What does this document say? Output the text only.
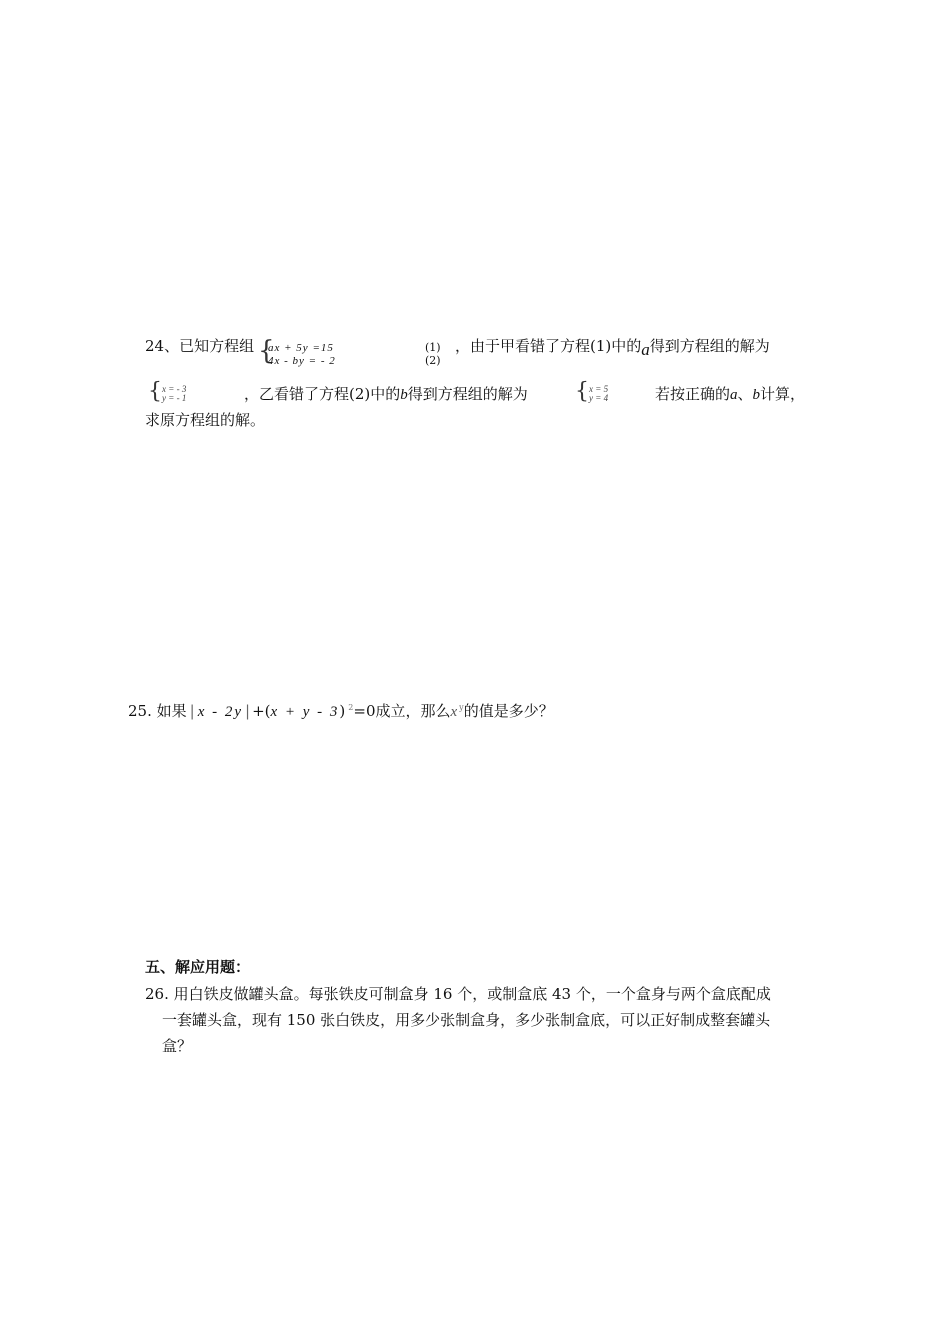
24、已知方程组 {
ax + 5y =15
4x - by = - 2
(1)
(2)
，由于甲看错了方程(1)中的a得到方程组的解为
{ x = - 3
y = - 1	，乙看错了方程(2)中的b得到方程组的解为 { x = 5
y = 4	若按正确的a、b计算，
求原方程组的解。
25. 如果 | x - 2y | +(x + y - 3) $^2$=0成立，那么x $^y$的值是多少？
五、解应用题：
26. 用白铁皮做罐头盒。每张铁皮可制盒身 16 个，或制盒底 43 个，一个盒身与两个盒底配成
一套罐头盒，现有 150 张白铁皮，用多少张制盒身，多少张制盒底，可以正好制成整套罐头
盒？
